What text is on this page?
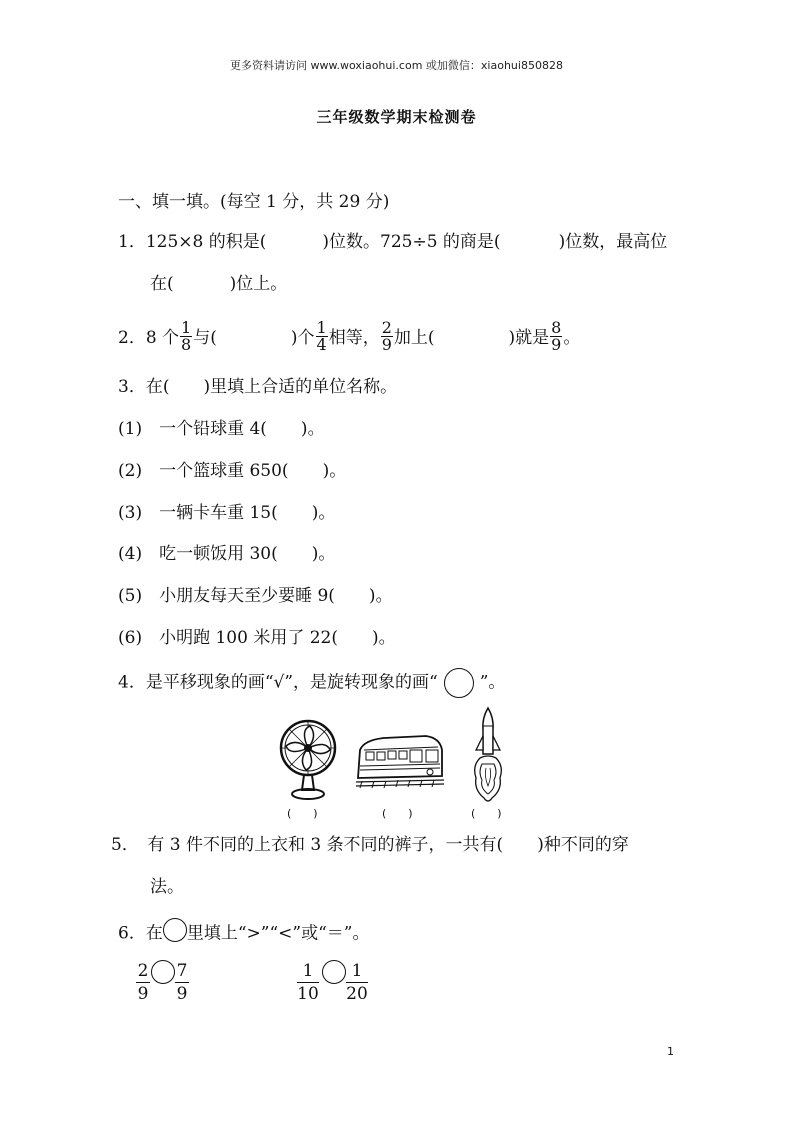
更多资料请访问 www.woxiaohui.com 或加微信：xiaohui850828
三年级数学期末检测卷
一、填一填。(每空 1 分，共 29 分)
1．125×8 的积是(	)位数。725÷5 的商是(	)位数，最高位
在(	)位上。
2．8 个 $\frac{1}{8}$ 与(	)个 $\frac{1}{4}$ 相等， $\frac{2}{9}$ 加上(	)就是 $\frac{8}{9}$ 。
3．在(　　)里填上合适的单位名称。
(1)　一个铅球重 4(　　)。
(2)　一个篮球重 650(　　)。
(3)　一辆卡车重 15(　　)。
(4)　吃一顿饭用 30(　　)。
(5)　小朋友每天至少要睡 9(　　)。
(6)　小明跑 100 米用了 22(　　)。
4．是平移现象的画“√”，是旋转现象的画“ ”。
(　　)	(　　)	(　　)
5．　有 3 件不同的上衣和 3 条不同的裤子，一共有(　　)种不同的穿
法。
6．在 里填上“>”“<”或“＝”。
$\frac{2}{9} \frac{7}{9}$	$\frac{1}{10} \frac{1}{20}$
1
